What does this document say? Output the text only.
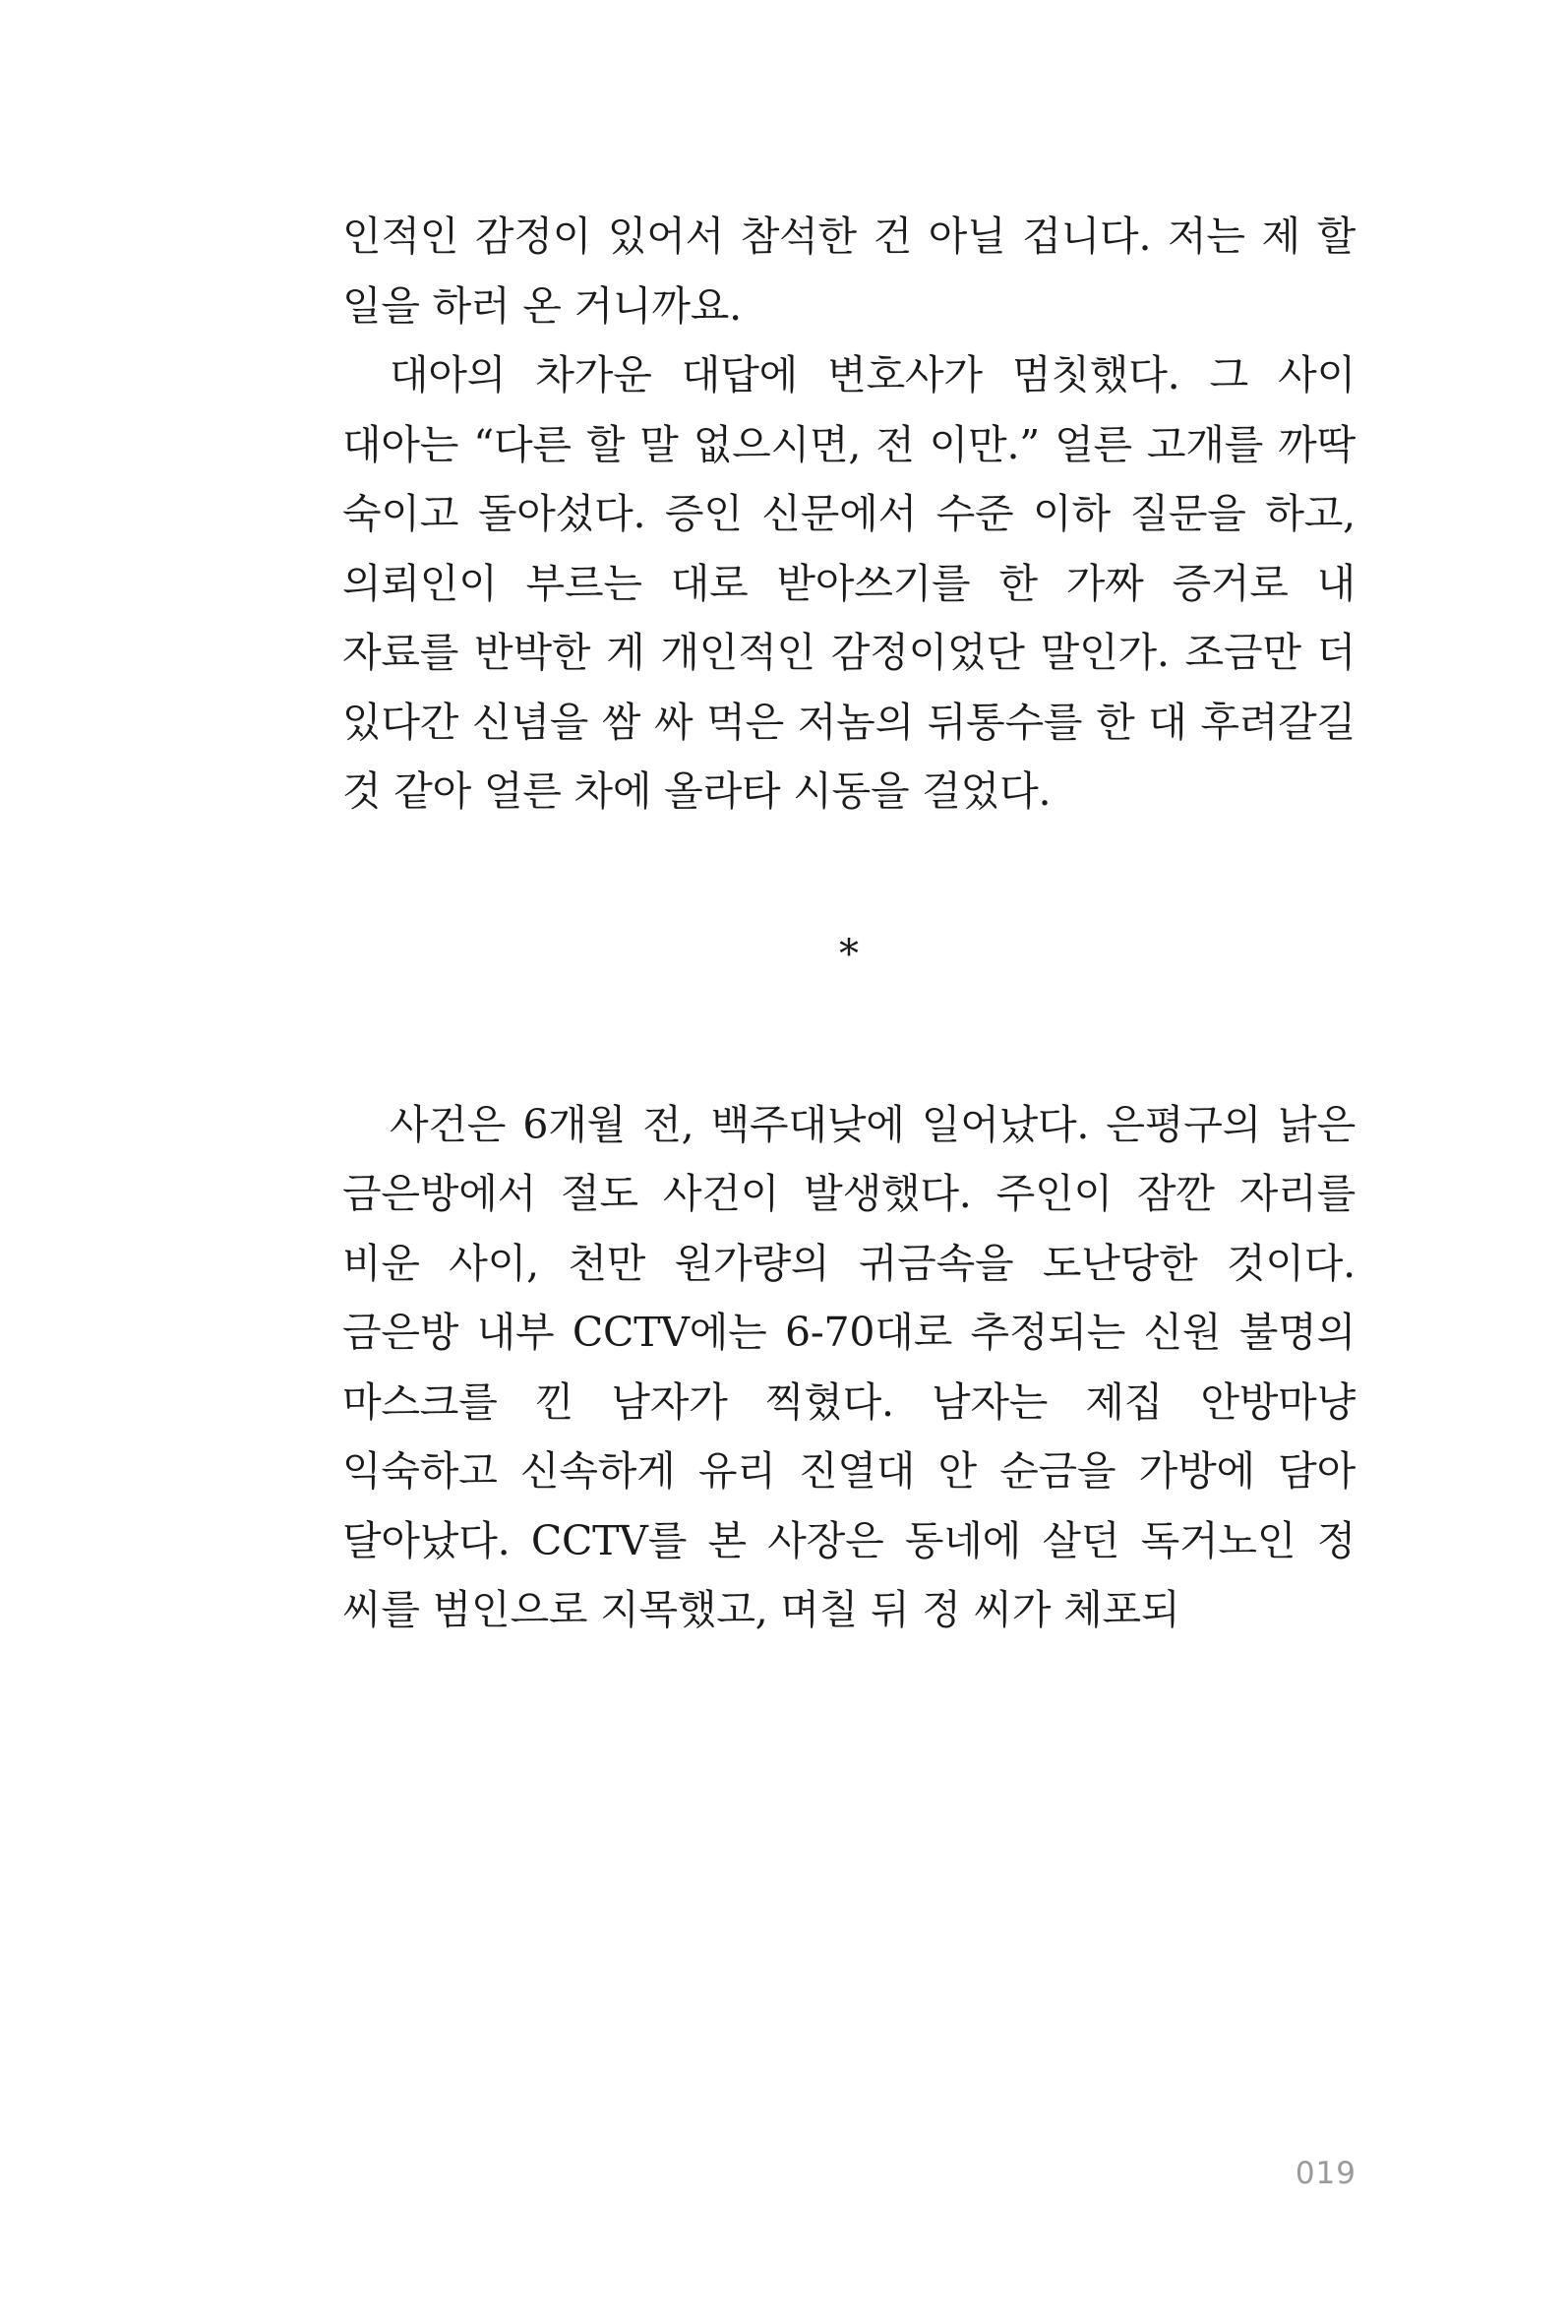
인적인 감정이 있어서 참석한 건 아닐 겁니다. 저는 제 할 일을 하러 온 거니까요.

대아의 차가운 대답에 변호사가 멈칫했다. 그 사이 대아는 “다른 할 말 없으시면, 전 이만.” 얼른 고개를 까딱 숙이고 돌아섰다. 증인 신문에서 수준 이하 질문을 하고, 의뢰인이 부르는 대로 받아쓰기를 한 가짜 증거로 내 자료를 반박한 게 개인적인 감정이었단 말인가. 조금만 더 있다간 신념을 쌈 싸 먹은 저놈의 뒤통수를 한 대 후려갈길 것 같아 얼른 차에 올라타 시동을 걸었다.

*

사건은 6개월 전, 백주대낮에 일어났다. 은평구의 낡은 금은방에서 절도 사건이 발생했다. 주인이 잠깐 자리를 비운 사이, 천만 원가량의 귀금속을 도난당한 것이다. 금은방 내부 CCTV에는 6-70대로 추정되는 신원 불명의 마스크를 낀 남자가 찍혔다. 남자는 제집 안방마냥 익숙하고 신속하게 유리 진열대 안 순금을 가방에 담아 달아났다. CCTV를 본 사장은 동네에 살던 독거노인 정 씨를 범인으로 지목했고, 며칠 뒤 정 씨가 체포되

019
